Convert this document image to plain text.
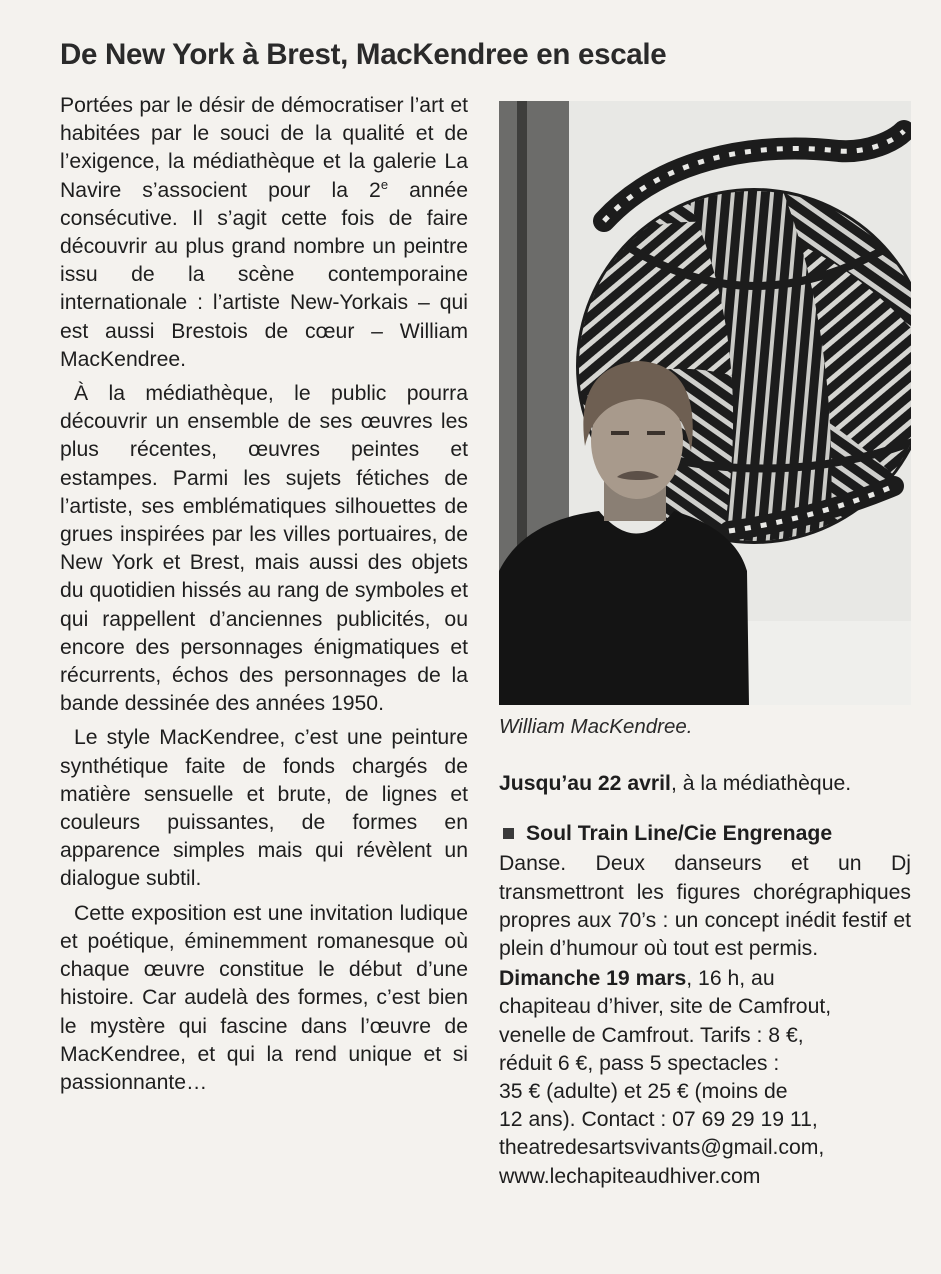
De New York à Brest, MacKendree en escale

Portées par le désir de démocratiser l’art et habitées par le souci de la qualité et de l’exigence, la médiathèque et la galerie La Navire s’associent pour la 2e année consécutive. Il s’agit cette fois de faire découvrir au plus grand nombre un peintre issu de la scène contemporaine internationale : l’artiste New-Yorkais – qui est aussi Brestois de cœur – William MacKendree.

À la médiathèque, le public pourra découvrir un ensemble de ses œuvres les plus récentes, œuvres peintes et estampes. Parmi les sujets fétiches de l’artiste, ses emblématiques silhouettes de grues inspirées par les villes portuaires, de New York et Brest, mais aussi des objets du quotidien hissés au rang de symboles et qui rappellent d’anciennes publicités, ou encore des personnages énigmatiques et récurrents, échos des personnages de la bande dessinée des années 1950.

Le style MacKendree, c’est une peinture synthétique faite de fonds chargés de matière sensuelle et brute, de lignes et couleurs puissantes, de formes en apparence simples mais qui révèlent un dialogue subtil.

Cette exposition est une invitation ludique et poétique, éminemment romanesque où chaque œuvre constitue le début d’une histoire. Car audelà des formes, c’est bien le mystère qui fascine dans l’œuvre de MacKendree, et qui la rend unique et si passionnante…

William MacKendree.

Jusqu’au 22 avril, à la médiathèque.

Soul Train Line/Cie Engrenage

Danse. Deux danseurs et un Dj transmettront les figures chorégraphiques propres aux 70’s : un concept inédit festif et plein d’humour où tout est permis.

Dimanche 19 mars, 16 h, au

chapiteau d’hiver, site de Camfrout,

venelle de Camfrout. Tarifs : 8 €,

réduit 6 €, pass 5 spectacles :

35 € (adulte) et 25 € (moins de

12 ans). Contact : 07 69 29 19 11,

theatredesartsvivants@gmail.com,

www.lechapiteaudhiver.com
